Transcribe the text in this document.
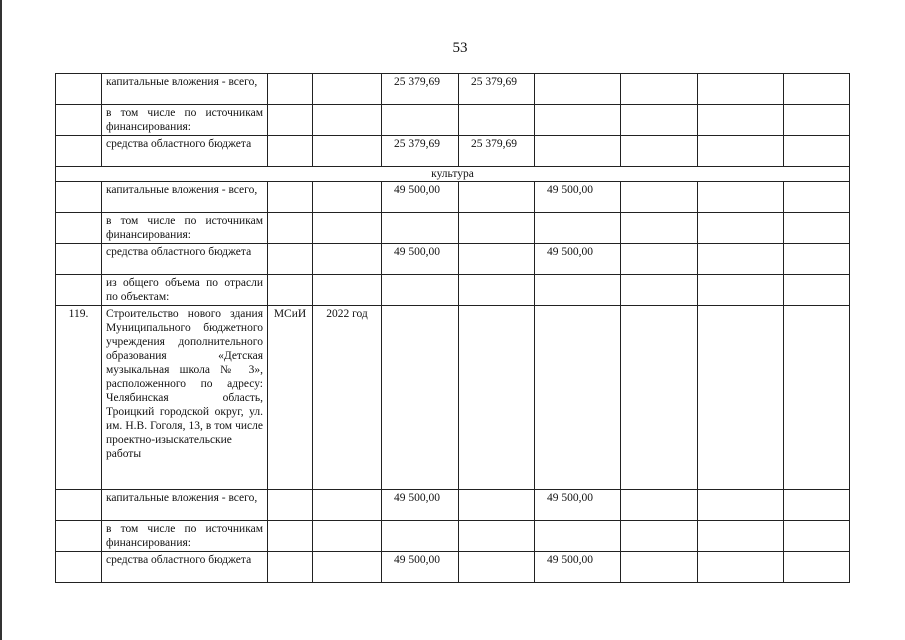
53
	капитальные вложения - всего,			25 379,69	25 379,69				
	в том числе по источникам финансирования:								
	средства областного бюджета			25 379,69	25 379,69				
культура									
	капитальные вложения - всего,			49 500,00		49 500,00			
	в том числе по источникам финансирования:								
	средства областного бюджета			49 500,00		49 500,00			
	из общего объема по отрасли по объектам:								
119.	Строительство нового здания Муниципального бюджетного учреждения дополнительного образования «Детская музыкальная школа № 3», расположенного по адресу: Челябинская область, Троицкий городской округ, ул. им. Н.В. Гоголя, 13, в том числе проектно-изыскательские работы	МСиИ	2022 год						
	капитальные вложения - всего,			49 500,00		49 500,00			
	в том числе по источникам финансирования:								
	средства областного бюджета			49 500,00		49 500,00			
